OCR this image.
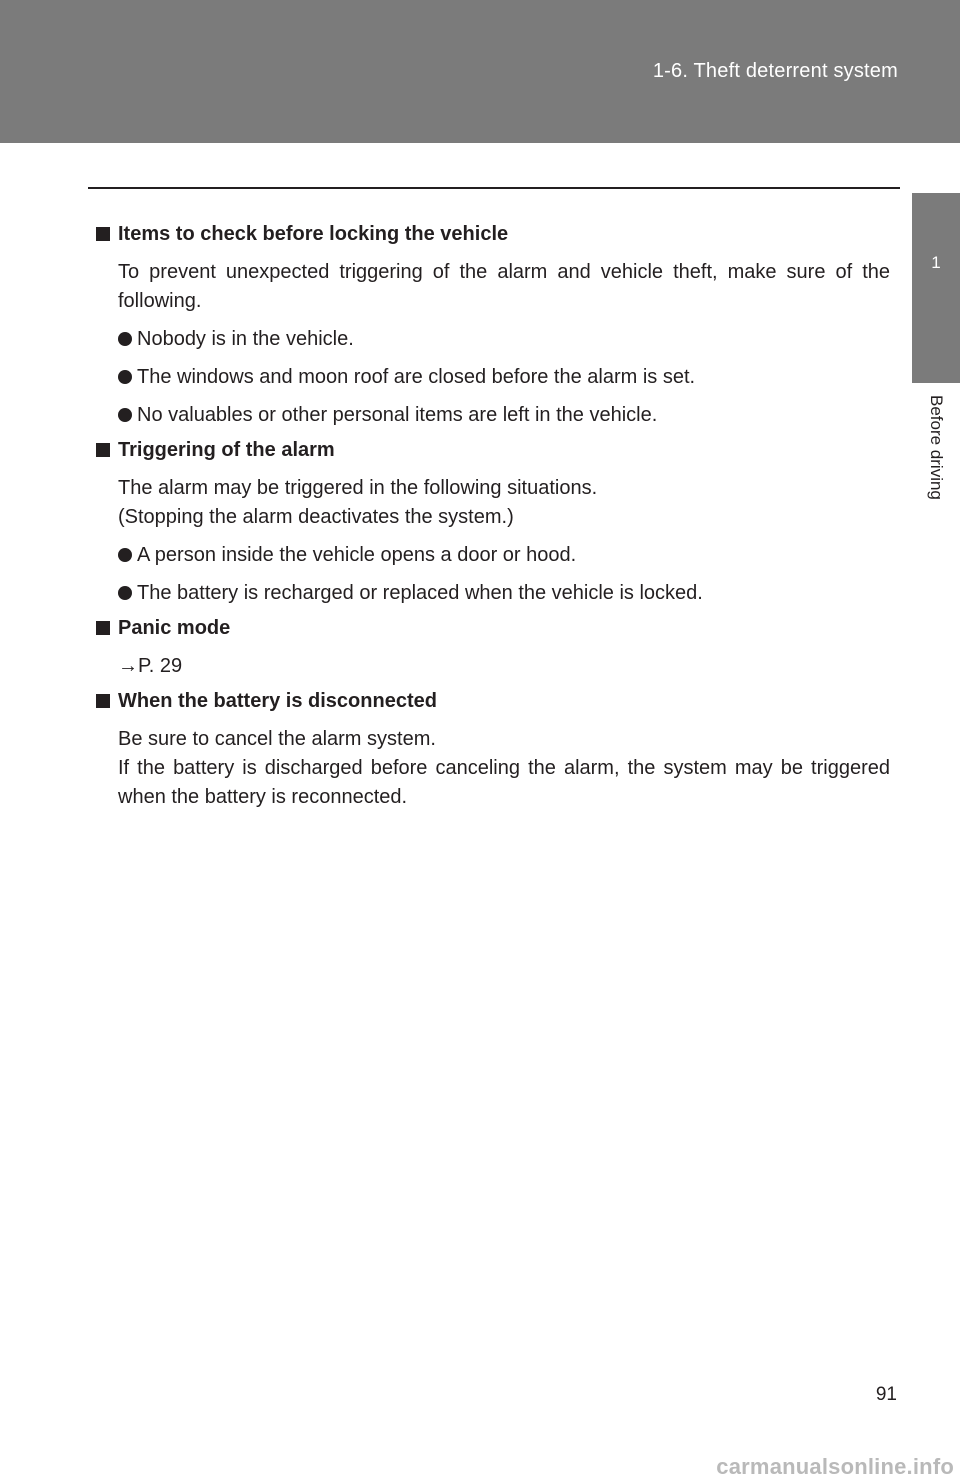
1-6. Theft deterrent system
1
Before driving
Items to check before locking the vehicle
To prevent unexpected triggering of the alarm and vehicle theft, make sure of the following.
Nobody is in the vehicle.
The windows and moon roof are closed before the alarm is set.
No valuables or other personal items are left in the vehicle.
Triggering of the alarm
The alarm may be triggered in the following situations.
(Stopping the alarm deactivates the system.)
A person inside the vehicle opens a door or hood.
The battery is recharged or replaced when the vehicle is locked.
Panic mode
→P. 29
When the battery is disconnected
Be sure to cancel the alarm system.
If the battery is discharged before canceling the alarm, the system may be triggered when the battery is reconnected.
91
carmanualsonline.info
